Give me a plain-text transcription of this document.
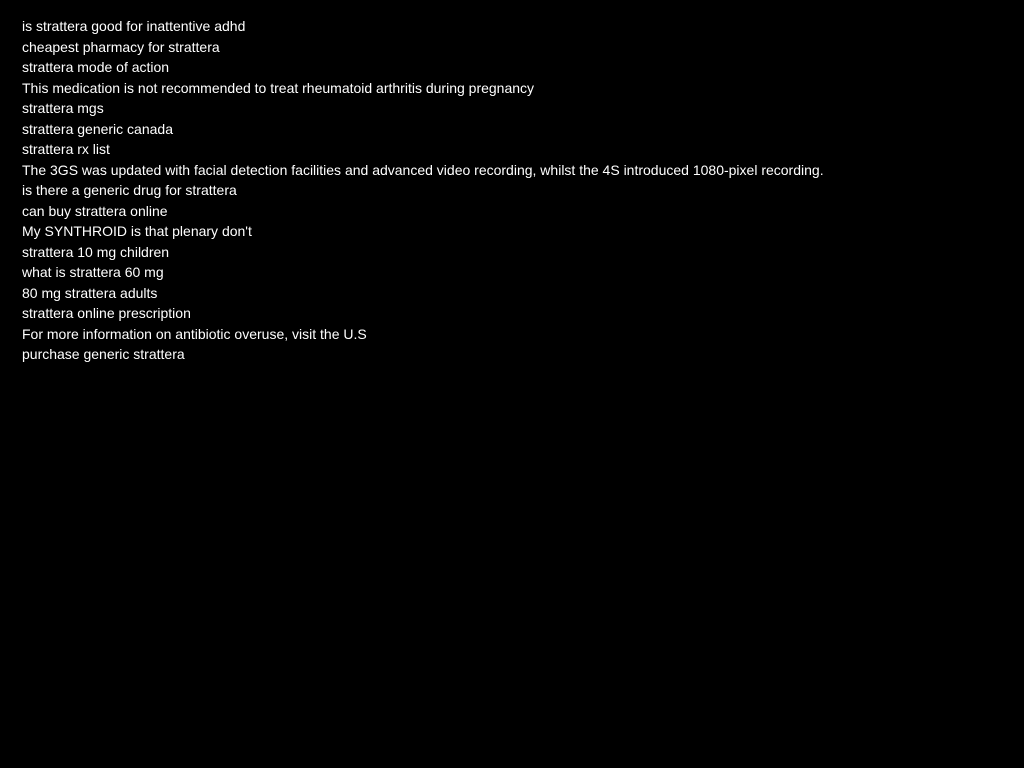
is strattera good for inattentive adhd
cheapest pharmacy for strattera
strattera mode of action
This medication is not recommended to treat rheumatoid arthritis during pregnancy
strattera mgs
strattera generic canada
strattera rx list
The 3GS was updated with facial detection facilities and advanced video recording, whilst the 4S introduced 1080-pixel recording.
is there a generic drug for strattera
can buy strattera online
My SYNTHROID is that plenary don't
strattera 10 mg children
what is strattera 60 mg
80 mg strattera adults
strattera online prescription
For more information on antibiotic overuse, visit the U.S
purchase generic strattera
